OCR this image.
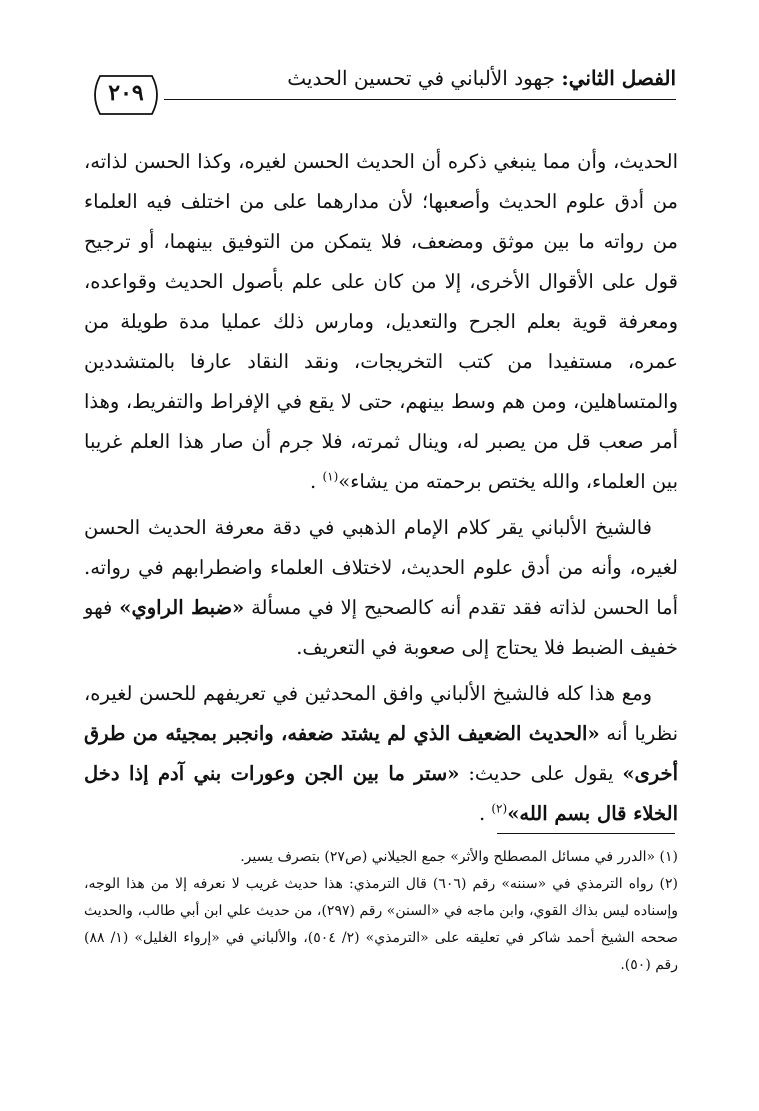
الفصل الثاني: جهود الألباني في تحسين الحديث
٢٠٩

الحديث، وأن مما ينبغي ذكره أن الحديث الحسن لغيره، وكذا الحسن لذاته، من أدق علوم الحديث وأصعبها؛ لأن مدارهما على من اختلف فيه العلماء من رواته ما بين موثق ومضعف، فلا يتمكن من التوفيق بينهما، أو ترجيح قول على الأقوال الأخرى، إلا من كان على علم بأصول الحديث وقواعده، ومعرفة قوية بعلم الجرح والتعديل، ومارس ذلك عمليا مدة طويلة من عمره، مستفيدا من كتب التخريجات، ونقد النقاد عارفا بالمتشددين والمتساهلين، ومن هم وسط بينهم، حتى لا يقع في الإفراط والتفريط، وهذا أمر صعب قل من يصبر له، وينال ثمرته، فلا جرم أن صار هذا العلم غريبا بين العلماء، والله يختص برحمته من يشاء»$^{(١)}$ .

فالشيخ الألباني يقر كلام الإمام الذهبي في دقة معرفة الحديث الحسن لغيره، وأنه من أدق علوم الحديث، لاختلاف العلماء واضطرابهم في رواته. أما الحسن لذاته فقد تقدم أنه كالصحيح إلا في مسألة «ضبط الراوي» فهو خفيف الضبط فلا يحتاج إلى صعوبة في التعريف.

ومع هذا كله فالشيخ الألباني وافق المحدثين في تعريفهم للحسن لغيره، نظريا أنه «الحديث الضعيف الذي لم يشتد ضعفه، وانجبر بمجيئه من طرق أخرى» يقول على حديث: «ستر ما بين الجن وعورات بني آدم إذا دخل الخلاء قال بسم الله»$^{(٢)}$ .

(١) «الدرر في مسائل المصطلح والأثر» جمع الجيلاني (ص٢٧) بتصرف يسير.

(٢) رواه الترمذي في «سننه» رقم (٦٠٦) قال الترمذي: هذا حديث غريب لا نعرفه إلا من هذا الوجه، وإسناده ليس بذاك القوي، وابن ماجه في «السنن» رقم (٢٩٧)، من حديث علي ابن أبي طالب، والحديث صححه الشيخ أحمد شاكر في تعليقه على «الترمذي» (٢/ ٥٠٤)، والألباني في «إرواء الغليل» (١/ ٨٨) رقم (٥٠).
